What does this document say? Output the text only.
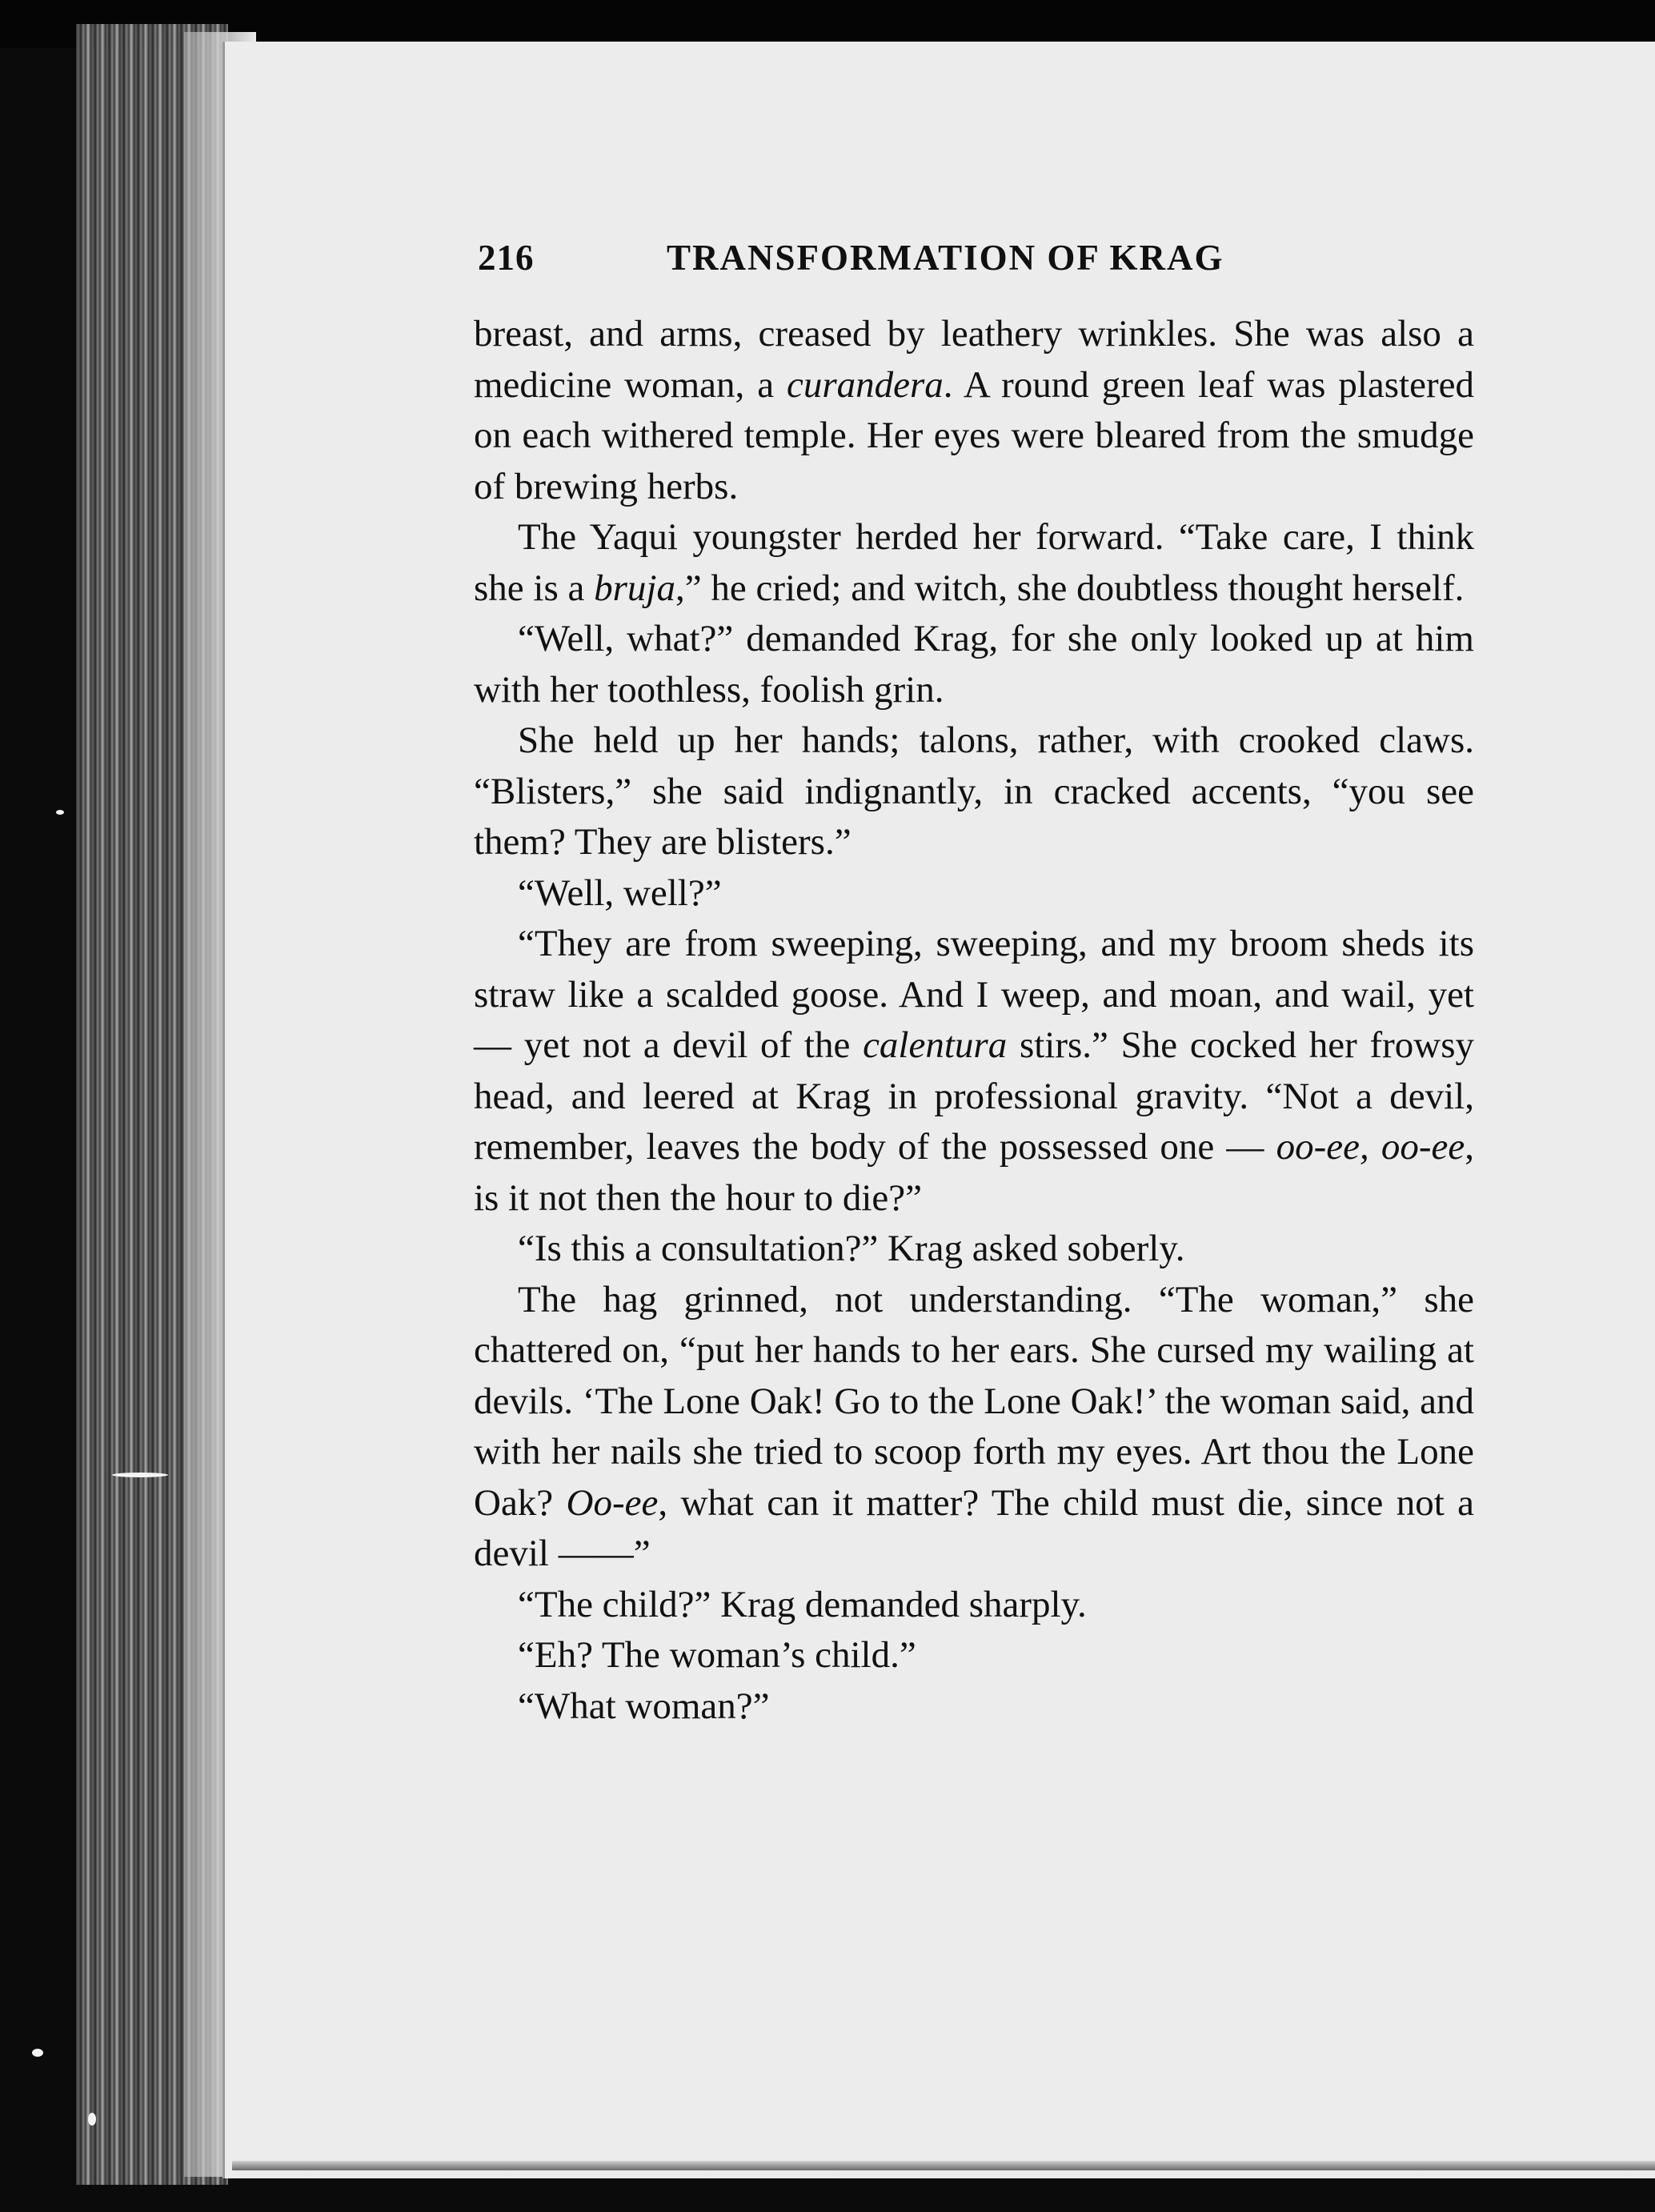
216	TRANSFORMATION OF KRAG

breast, and arms, creased by leathery wrinkles. She was also a medicine woman, a curandera. A round green leaf was plastered on each withered temple. Her eyes were bleared from the smudge of brewing herbs.

The Yaqui youngster herded her forward. “Take care, I think she is a bruja,” he cried; and witch, she doubtless thought herself.

“Well, what?” demanded Krag, for she only looked up at him with her toothless, foolish grin.

She held up her hands; talons, rather, with crooked claws. “Blisters,” she said indignantly, in cracked accents, “you see them? They are blisters.”

“Well, well?”

“They are from sweeping, sweeping, and my broom sheds its straw like a scalded goose. And I weep, and moan, and wail, yet — yet not a devil of the calentura stirs.” She cocked her frowsy head, and leered at Krag in professional gravity. “Not a devil, remember, leaves the body of the possessed one — oo-ee, oo-ee, is it not then the hour to die?”

“Is this a consultation?” Krag asked soberly.

The hag grinned, not understanding. “The woman,” she chattered on, “put her hands to her ears. She cursed my wailing at devils. ‘The Lone Oak! Go to the Lone Oak!’ the woman said, and with her nails she tried to scoop forth my eyes. Art thou the Lone Oak? Oo-ee, what can it matter? The child must die, since not a devil ——”

“The child?” Krag demanded sharply.

“Eh? The woman’s child.”

“What woman?”
